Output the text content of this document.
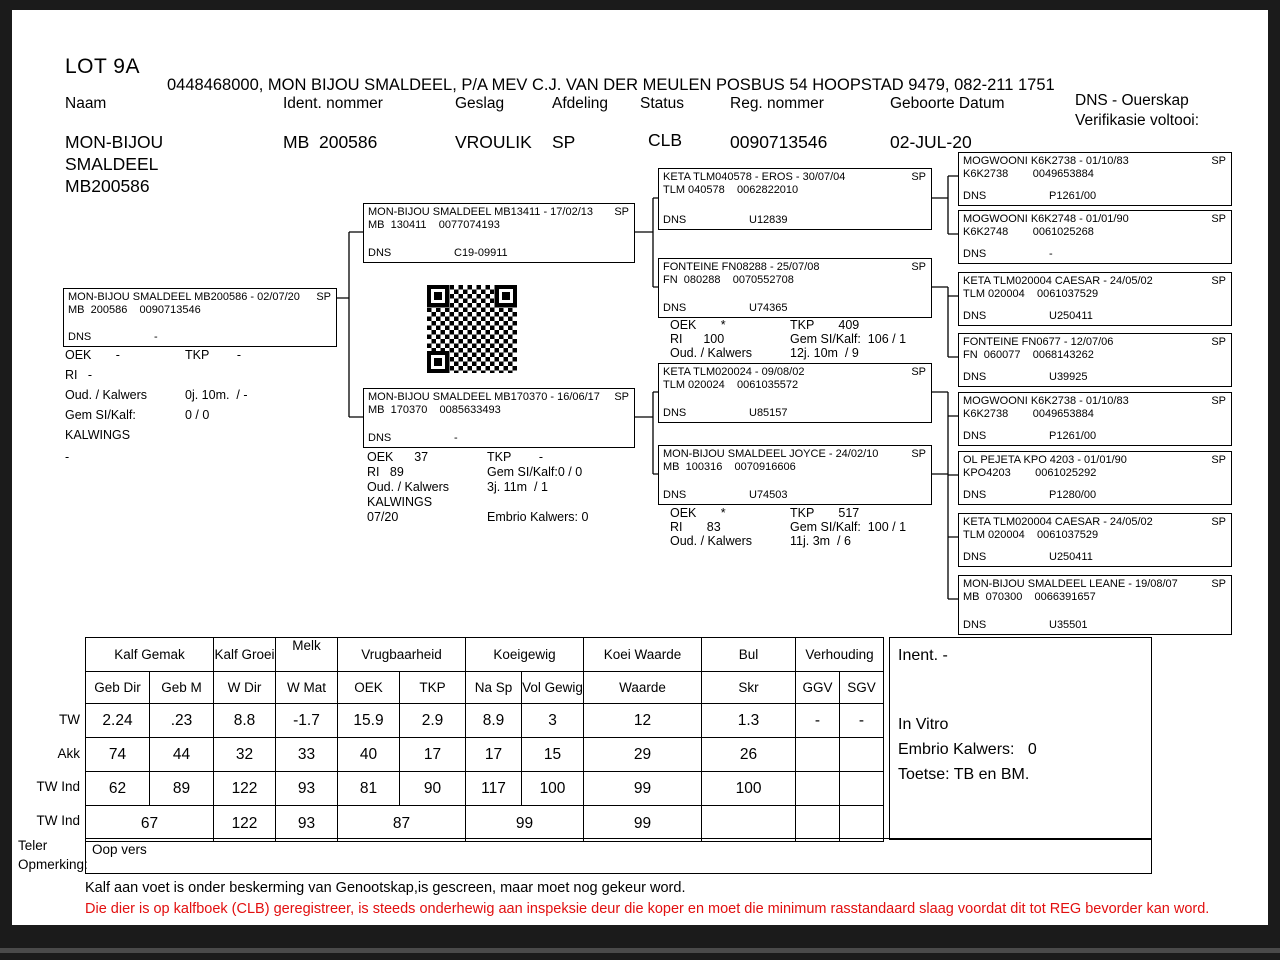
LOT 9A
0448468000, MON BIJOU SMALDEEL, P/A MEV C.J. VAN DER MEULEN POSBUS 54 HOOPSTAD 9479, 082-211 1751
Naam	Ident. nommer	Geslag	Afdeling Status	Reg. nommer	Geboorte Datum	DNS - Ouerskap
Verifikasie voltooi:
MON-BIJOU
SMALDEEL
MB200586
MB  200586	VROULIK SP	CLB	0090713546	02-JUL-20
MON-BIJOU SMALDEEL MB200586 - 02/07/20	SP
MB  200586    0090713546
DNS	-
OEK       -	TKP        -
RI   -
Oud. / Kalwers	0j. 10m.  / -
Gem SI/Kalf:	0 / 0
KALWINGS
-
MON-BIJOU SMALDEEL MB13411 - 17/02/13	SP
MB  130411    0077074193
DNS	C19-09911
MON-BIJOU SMALDEEL MB170370 - 16/06/17	SP
MB  170370    0085633493
DNS	-
OEK      37	TKP        -
RI   89	Gem SI/Kalf:0 / 0
Oud. / Kalwers	3j. 11m  / 1
KALWINGS
07/20	Embrio Kalwers: 0
KETA TLM040578 - EROS - 30/07/04	SP
TLM 040578    0062822010
DNS	U12839
FONTEINE FN08288 - 25/07/08	SP
FN  080288    0070552708
DNS	U74365
OEK       *	TKP       409
RI      100	Gem SI/Kalf:  106 / 1
Oud. / Kalwers	12j. 10m  / 9
KETA TLM020024 - 09/08/02	SP
TLM 020024    0061035572
DNS	U85157
MON-BIJOU SMALDEEL JOYCE - 24/02/10	SP
MB  100316    0070916606
DNS	U74503
OEK       *	TKP       517
RI       83	Gem SI/Kalf:  100 / 1
Oud. / Kalwers	11j. 3m  / 6
MOGWOONI K6K2738 - 01/10/83	SP
K6K2738        0049653884
DNS	P1261/00
MOGWOONI K6K2748 - 01/01/90	SP
K6K2748        0061025268
DNS	-
KETA TLM020004 CAESAR - 24/05/02	SP
TLM 020004    0061037529
DNS	U250411
FONTEINE FN0677 - 12/07/06	SP
FN  060077    0068143262
DNS	U39925
MOGWOONI K6K2738 - 01/10/83	SP
K6K2738        0049653884
DNS	P1261/00
OL PEJETA KPO 4203 - 01/01/90	SP
KPO4203        0061025292
DNS	P1280/00
KETA TLM020004 CAESAR - 24/05/02	SP
TLM 020004    0061037529
DNS	U250411
MON-BIJOU SMALDEEL LEANE - 19/08/07	SP
MB  070300    0066391657
DNS	U35501
TW
Akk
TW Ind
TW Ind
Kalf Gemak		Kalf Groei	Melk	Vrugbaarheid		Koeigewig		Koei Waarde	Bul	Verhouding	
Geb Dir	Geb M	W Dir	W Mat	OEK	TKP	Na Sp	Vol Gewig	Waarde	Skr	GGV	SGV
2.24	.23	8.8	-1.7	15.9	2.9	8.9	3	12	1.3	-	-
74	44	32	33	40	17	17	15	29	26		
62	89	122	93	81	90	117	100	99	100		
67		122	93	87		99		99			
Inent. -
In Vitro
Embrio Kalwers:   0
Toetse: TB en BM.
Teler
Opmerking:
Oop vers
Kalf aan voet is onder beskerming van Genootskap,is gescreen, maar moet nog gekeur word.
Die dier is op kalfboek (CLB) geregistreer, is steeds onderhewig aan inspeksie deur die koper en moet die minimum rasstandaard slaag voordat dit tot REG bevorder kan word.
